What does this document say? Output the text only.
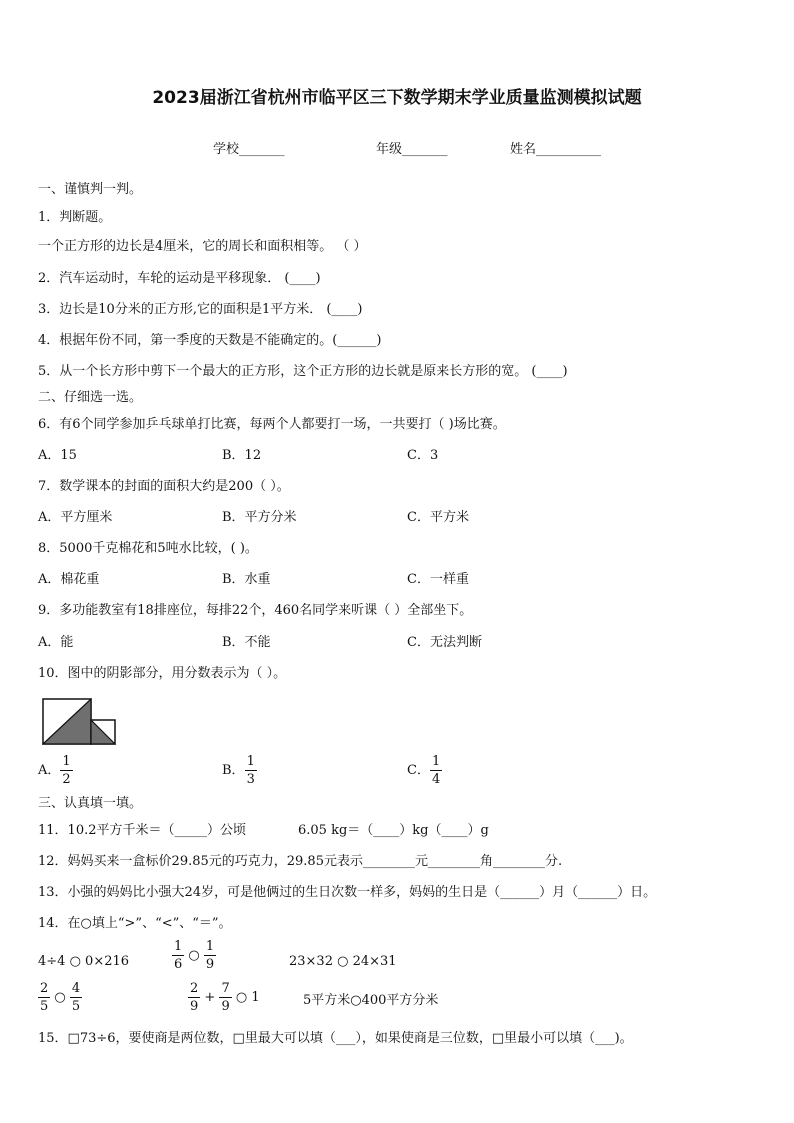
2023届浙江省杭州市临平区三下数学期末学业质量监测模拟试题
学校_______	年级_______	姓名__________
一、谨慎判一判。
1．判断题。
一个正方形的边长是4厘米，它的周长和面积相等。 （ ）
2．汽车运动时，车轮的运动是平移现象． (____)
3．边长是10分米的正方形,它的面积是1平方米． (____)
4．根据年份不同，第一季度的天数是不能确定的。(______)
5．从一个长方形中剪下一个最大的正方形，这个正方形的边长就是原来长方形的宽。 (____)
二、仔细选一选。
6．有6个同学参加乒乓球单打比赛，每两个人都要打一场，一共要打（ )场比赛。
A．15	B．12	C．3
7．数学课本的封面的面积大约是200（ ）。
A．平方厘米	B．平方分米	C．平方米
8．5000千克棉花和5吨水比较，( )。
A．棉花重	B．水重	C．一样重
9．多功能教室有18排座位，每排22个，460名同学来听课（ ）全部坐下。
A．能	B．不能	C．无法判断
10．图中的阴影部分，用分数表示为（ ）。
A． $\frac{1}{2}$	B． $\frac{1}{3}$	C． $\frac{1}{4}$
三、认真填一填。
11．10.2平方千米＝（_____）公顷	6.05 kg＝（____）kg（____）g
12．妈妈买来一盒标价29.85元的巧克力，29.85元表示________元________角________分.
13．小强的妈妈比小强大24岁，可是他俩过的生日次数一样多，妈妈的生日是（______）月（______）日。
14．在○填上“>”、“<”、“＝”。
4÷4 ○ 0×216	$\frac{1}{6}$ ○ $\frac{1}{9}$	23×32 ○ 24×31
$\frac{2}{5}$ ○ $\frac{4}{5}$	$\frac{2}{9} + \frac{7}{9}$ ○ 1	5平方米○400平方分米
15．□73÷6，要使商是两位数，□里最大可以填（___），如果使商是三位数，□里最小可以填（___)。
